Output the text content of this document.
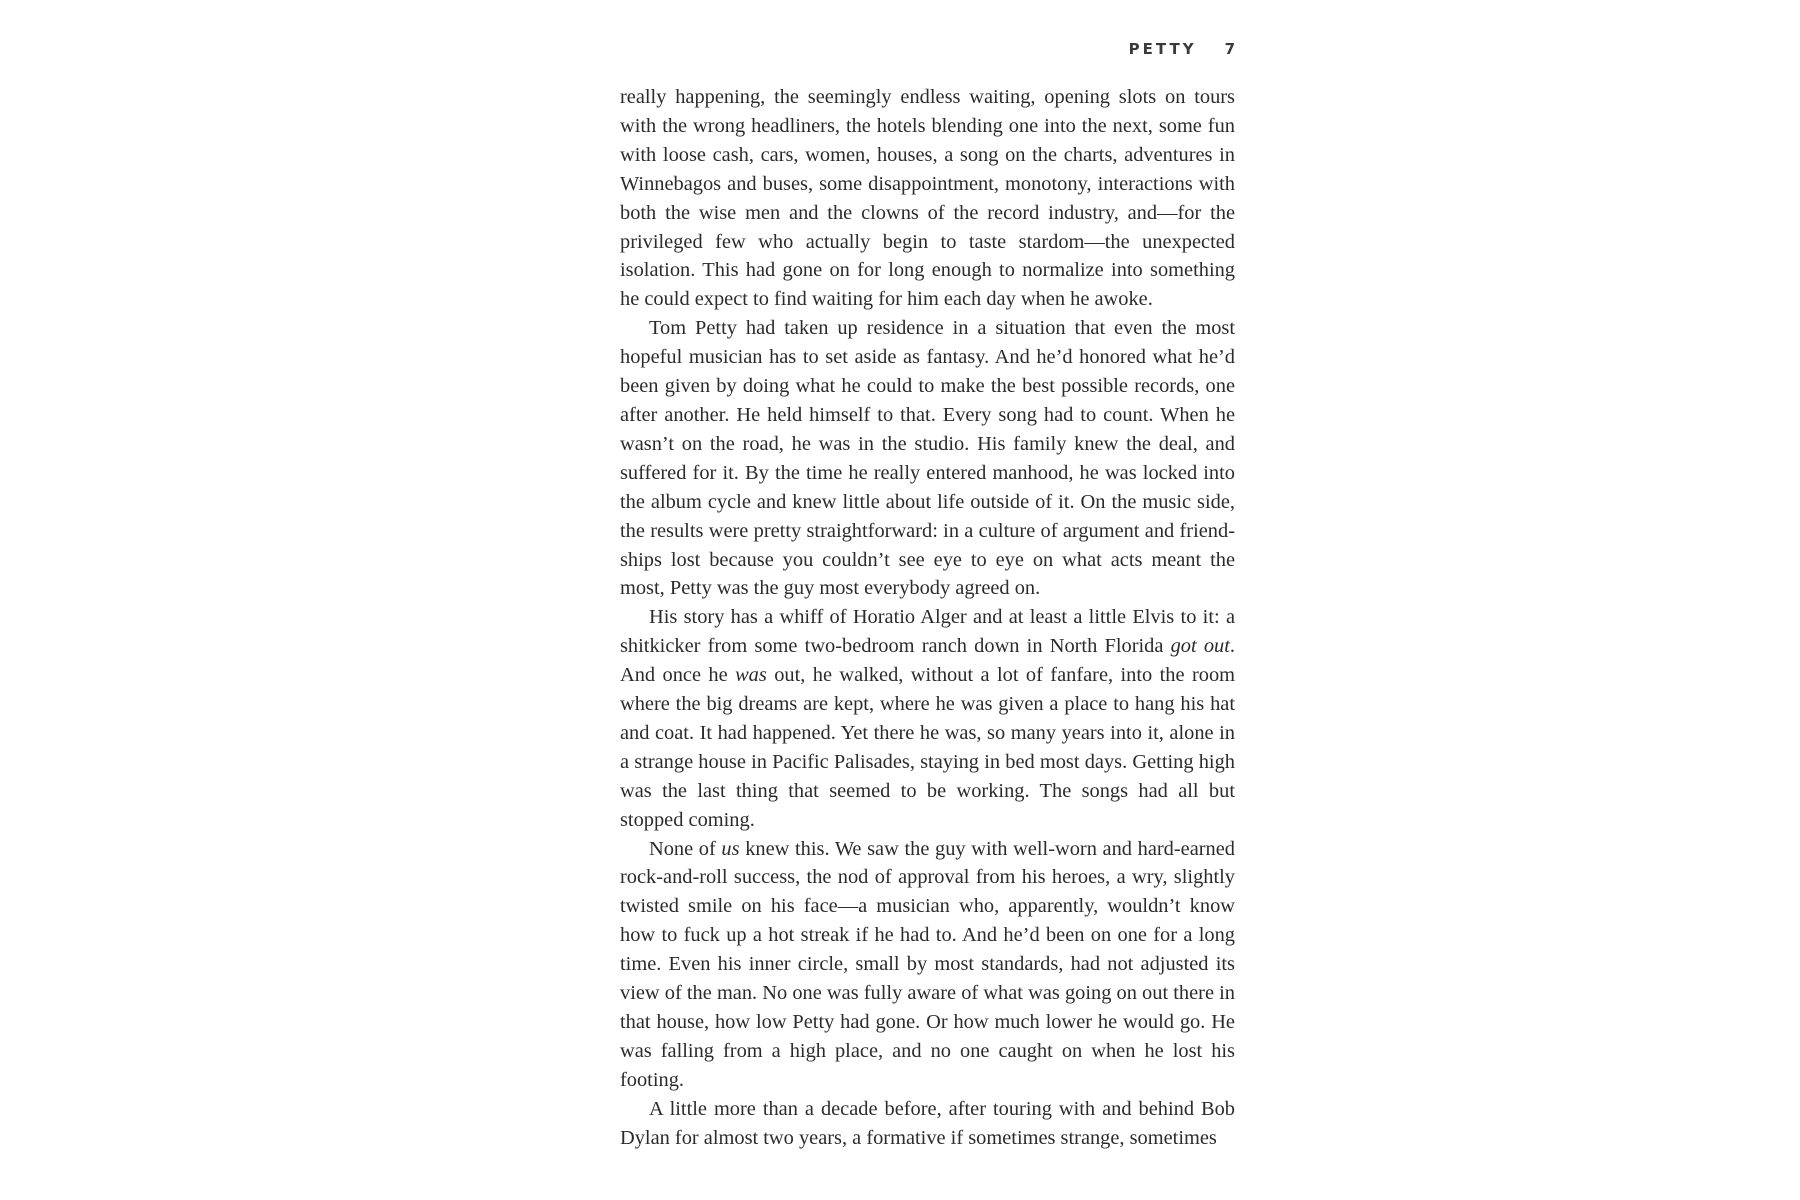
PETTY 7

really happening, the seemingly endless waiting, opening slots on tours with the wrong headliners, the hotels blending one into the next, some fun with loose cash, cars, women, houses, a song on the charts, adventures in Winnebagos and buses, some disappointment, monotony, interactions with both the wise men and the clowns of the record industry, and—for the privileged few who actually begin to taste stardom—the unexpected isolation. This had gone on for long enough to normalize into something he could expect to find waiting for him each day when he awoke.

Tom Petty had taken up residence in a situation that even the most hopeful musician has to set aside as fantasy. And he’d honored what he’d been given by doing what he could to make the best possible records, one after another. He held himself to that. Every song had to count. When he wasn’t on the road, he was in the studio. His family knew the deal, and suffered for it. By the time he really entered manhood, he was locked into the album cycle and knew little about life outside of it. On the music side, the results were pretty straightforward: in a culture of argument and friendships lost because you couldn’t see eye to eye on what acts meant the most, Petty was the guy most everybody agreed on.

His story has a whiff of Horatio Alger and at least a little Elvis to it: a shitkicker from some two-bedroom ranch down in North Florida got out. And once he was out, he walked, without a lot of fanfare, into the room where the big dreams are kept, where he was given a place to hang his hat and coat. It had happened. Yet there he was, so many years into it, alone in a strange house in Pacific Palisades, staying in bed most days. Getting high was the last thing that seemed to be working. The songs had all but stopped coming.

None of us knew this. We saw the guy with well-worn and hard-earned rock-and-roll success, the nod of approval from his heroes, a wry, slightly twisted smile on his face—a musician who, apparently, wouldn’t know how to fuck up a hot streak if he had to. And he’d been on one for a long time. Even his inner circle, small by most standards, had not adjusted its view of the man. No one was fully aware of what was going on out there in that house, how low Petty had gone. Or how much lower he would go. He was falling from a high place, and no one caught on when he lost his footing.

A little more than a decade before, after touring with and behind Bob Dylan for almost two years, a formative if sometimes strange, sometimes
